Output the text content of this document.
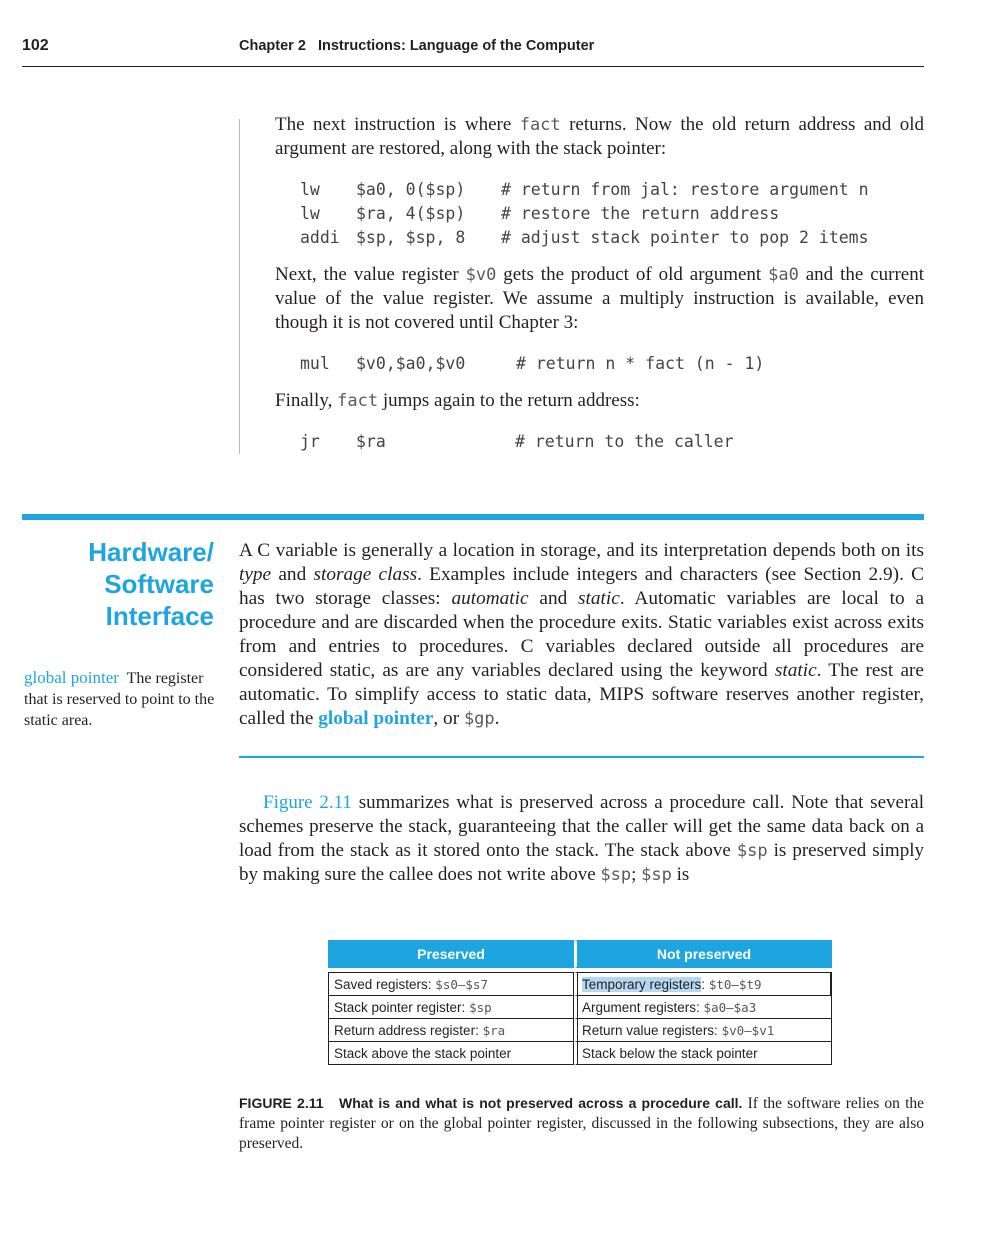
102	Chapter 2 Instructions: Language of the Computer
The next instruction is where fact returns. Now the old return address and old argument are restored, along with the stack pointer:
lw $a0, 0($sp) # return from jal: restore argument n
lw $ra, 4($sp) # restore the return address
addi $sp, $sp, 8 # adjust stack pointer to pop 2 items
Next, the value register $v0 gets the product of old argument $a0 and the current value of the value register. We assume a multiply instruction is available, even though it is not covered until Chapter 3:
mul $v0,$a0,$v0	# return n * fact (n - 1)
Finally, fact jumps again to the return address:
jr $ra	# return to the caller
Hardware/
Software
Interface
global pointer The register that is reserved to point to the static area.
A C variable is generally a location in storage, and its interpretation depends both on its type and storage class. Examples include integers and characters (see Section 2.9). C has two storage classes: automatic and static. Automatic variables are local to a procedure and are discarded when the procedure exits. Static variables exist across exits from and entries to procedures. C variables declared outside all procedures are considered static, as are any variables declared using the keyword static. The rest are automatic. To simplify access to static data, MIPS software reserves another register, called the global pointer, or $gp.
Figure 2.11 summarizes what is preserved across a procedure call. Note that several schemes preserve the stack, guaranteeing that the caller will get the same data back on a load from the stack as it stored onto the stack. The stack above $sp is preserved simply by making sure the callee does not write above $sp; $sp is
Preserved	Not preserved

Saved registers: $s0–$s7	Temporary registers: $t0–$t9
Stack pointer register: $sp	Argument registers: $a0–$a3
Return address register: $ra	Return value registers: $v0–$v1
Stack above the stack pointer	Stack below the stack pointer
FIGURE 2.11 What is and what is not preserved across a procedure call. If the software relies on the frame pointer register or on the global pointer register, discussed in the following subsections, they are also preserved.
